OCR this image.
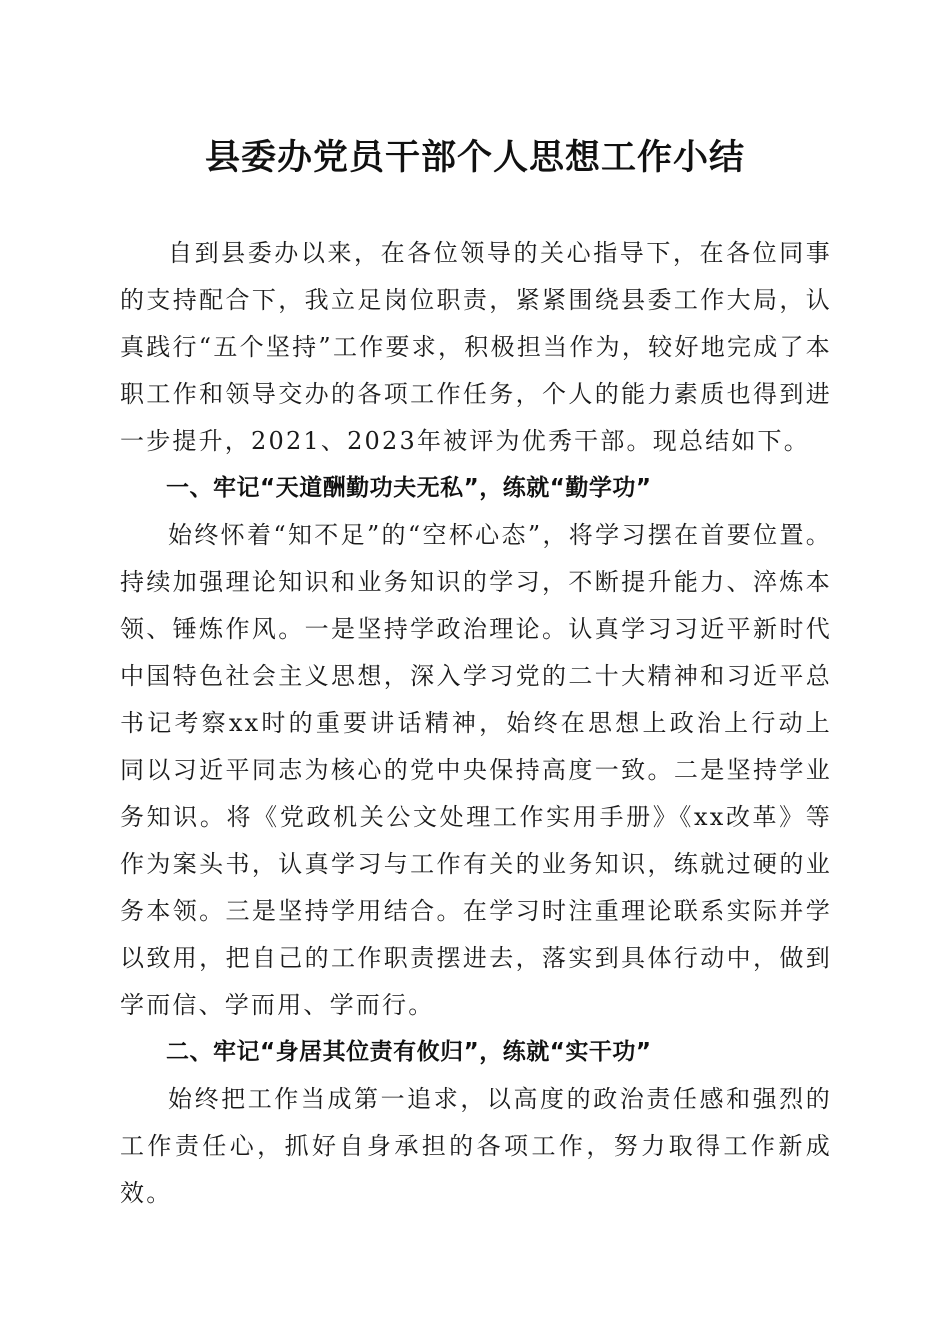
县委办党员干部个人思想工作小结

自到县委办以来，在各位领导的关心指导下，在各位同事的支持配合下，我立足岗位职责，紧紧围绕县委工作大局，认真践行“五个坚持”工作要求，积极担当作为，较好地完成了本职工作和领导交办的各项工作任务，个人的能力素质也得到进一步提升，2021、2023年被评为优秀干部。现总结如下。

一、牢记“天道酬勤功夫无私”，练就“勤学功”

始终怀着“知不足”的“空杯心态”，将学习摆在首要位置。持续加强理论知识和业务知识的学习，不断提升能力、淬炼本领、锤炼作风。一是坚持学政治理论。认真学习习近平新时代中国特色社会主义思想，深入学习党的二十大精神和习近平总书记考察xx时的重要讲话精神，始终在思想上政治上行动上同以习近平同志为核心的党中央保持高度一致。二是坚持学业务知识。将《党政机关公文处理工作实用手册》《xx改革》等作为案头书，认真学习与工作有关的业务知识，练就过硬的业务本领。三是坚持学用结合。在学习时注重理论联系实际并学以致用，把自己的工作职责摆进去，落实到具体行动中，做到学而信、学而用、学而行。

二、牢记“身居其位责有攸归”，练就“实干功”

始终把工作当成第一追求，以高度的政治责任感和强烈的工作责任心，抓好自身承担的各项工作，努力取得工作新成效。
